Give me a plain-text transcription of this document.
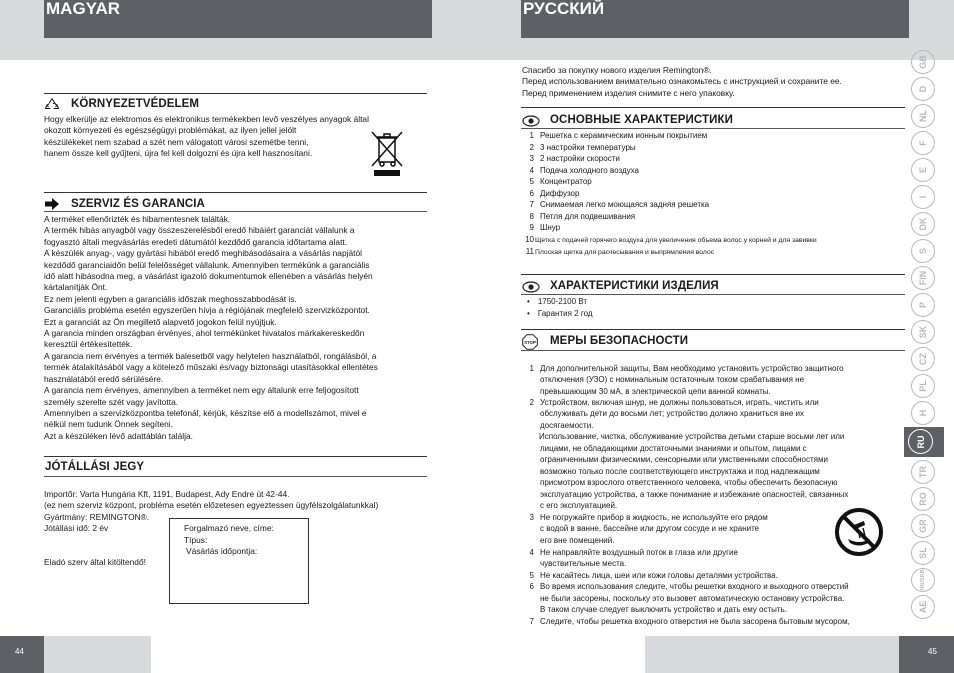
MAGYAR
KÖRNYEZETVÉDELEM
Hogy elkerülje az elektromos és elektronikus termékekben levő veszélyes anyagok által
okozott környezeti és egészségügyi problémákat, az ilyen jellel jelölt
készülékeket nem szabad a szét nem válogatott városi szemétbe tenni,
hanem össze kell gyűjteni, újra fel kell dolgozni és újra kell hasznosítani.
SZERVIZ ÉS GARANCIA
A terméket ellenőrizték és hibamentesnek találták.
A termék hibás anyagból vagy összeszerelésből eredő hibáiért garanciát vállalunk a
fogyasztó általi megvásárlás eredeti dátumától kezdődő garancia időtartama alatt.
A készülék anyag-, vagy gyártási hibából eredő meghibásodásaira a vásárlás napjától
kezdődő garanciaidőn belül felelősséget vállalunk. Amennyiben termékünk a garanciális
idő alatt hibásodna meg, a vásárlást igazoló dokumentumok ellenében a vásárlás helyén
kártalanítják Önt.
Ez nem jelenti egyben a garanciális időszak meghosszabbodását is.
Garanciális probléma esetén egyszerűen hívja a régiójának megfelelő szervizközpontot.
Ezt a garanciát az Ön megillető alapvető jogokon felül nyújtjuk.
A garancia minden országban érvényes, ahol termékünket hivatalos márkakereskedőn
keresztül értékesítették.
A garancia nem érvényes a termék balesetből vagy helytelen használatból, rongálásból, a
termék átalakításából vagy a kötelező műszaki és/vagy biztonsági utasításokkal ellentétes
használatából eredő sérülésére.
A garancia nem érvényes, amennyiben a terméket nem egy általunk erre feljogosított
személy szerelte szét vagy javította.
Amennyiben a szervizközpontba telefonál, kérjük, készítse elő a modellszámot, mivel e
nélkül nem tudunk Önnek segíteni.
Azt a készüléken lévő adattáblán találja.
JÓTÁLLÁSI JEGY
Importőr: Varta Hungária Kft, 1191, Budapest, Ady Endre út 42-44.
(ez nem szerviz központ, probléma esetén előzetesen egyeztessen ügyfélszolgálatunkkal)
Gyártmány: REMINGTON®.
Jótállási idő: 2 év
Eladó szerv által kitöltendő!
Forgalmazó neve, címe:
Típus:
Vásárlás időpontja:
44
РУССКИЙ
Спасибо за покупку нового изделия Remington®.
Перед использованием внимательно ознакомьтесь с инструкцией и сохраните ее.
Перед применением изделия снимите с него упаковку.
ОСНОВНЫЕ ХАРАКТЕРИСТИКИ
1 Решетка с керамическим ионным покрытием
2 3 настройки температуры
3 2 настройки скорости
4 Подача холодного воздуха
5 Концентратор
6 Диффузор
7 Снимаемая легко моющаяся задняя решетка
8 Петля для подвешивания
9 Шнур
10Щетка с подачей горячего воздуха для увеличения объема волос у корней и для завивки
11Плоская щетка для расчесывания и выпрямления волос
ХАРАКТЕРИСТИКИ ИЗДЕЛИЯ
• 1750-2100 Вт
• Гарантия 2 год
STOP МЕРЫ БЕЗОПАСНОСТИ
1 Для дополнительной защиты, Вам необходимо установить устройство защитного
отключения (УЗО) с номинальным остаточным током срабатывания не
превышающим 30 мА, в электрической цепи ванной комнаты.
2 Устройством, включая шнур, не должны пользоваться, играть, чистить или
обслуживать дети до восьми лет; устройство должно храниться вне их
досягаемости.
Использование, чистка, обслуживание устройства детьми старше восьми лет или
лицами, не обладающими достаточными знаниями и опытом, лицами с
ограниченными физическими, сенсорными или умственными способностями
возможно только после соответствующего инструктажа и под надлежащим
присмотром взрослого ответственного человека, чтобы обеспечить безопасную
эксплуатацию устройства, а также понимание и избежание опасностей, связанных
с его эксплуатацией.
3 Не погружайте прибор в жидкость, не используйте его рядом
с водой в ванне, бассейне или другом сосуде и не храните
его вне помещений.
4 Не направляйте воздушный поток в глаза или другие
чувствительные места.
5 Не касайтесь лица, шеи или кожи головы деталями устройства.
6 Во время использования следите, чтобы решетки входного и выходного отверстий
не были засорены, поскольку это вызовет автоматическую остановку устройства.
В таком случае следует выключить устройство и дать ему остыть.
7 Следите, чтобы решетка входного отверстия не была засорена бытовым мусором,
45
GB
D
NL
F
E
I
DK
S
FIN
P
SK
CZ
PL
H
RU
TR
RO
GR
SL
HR/SRB
AE
